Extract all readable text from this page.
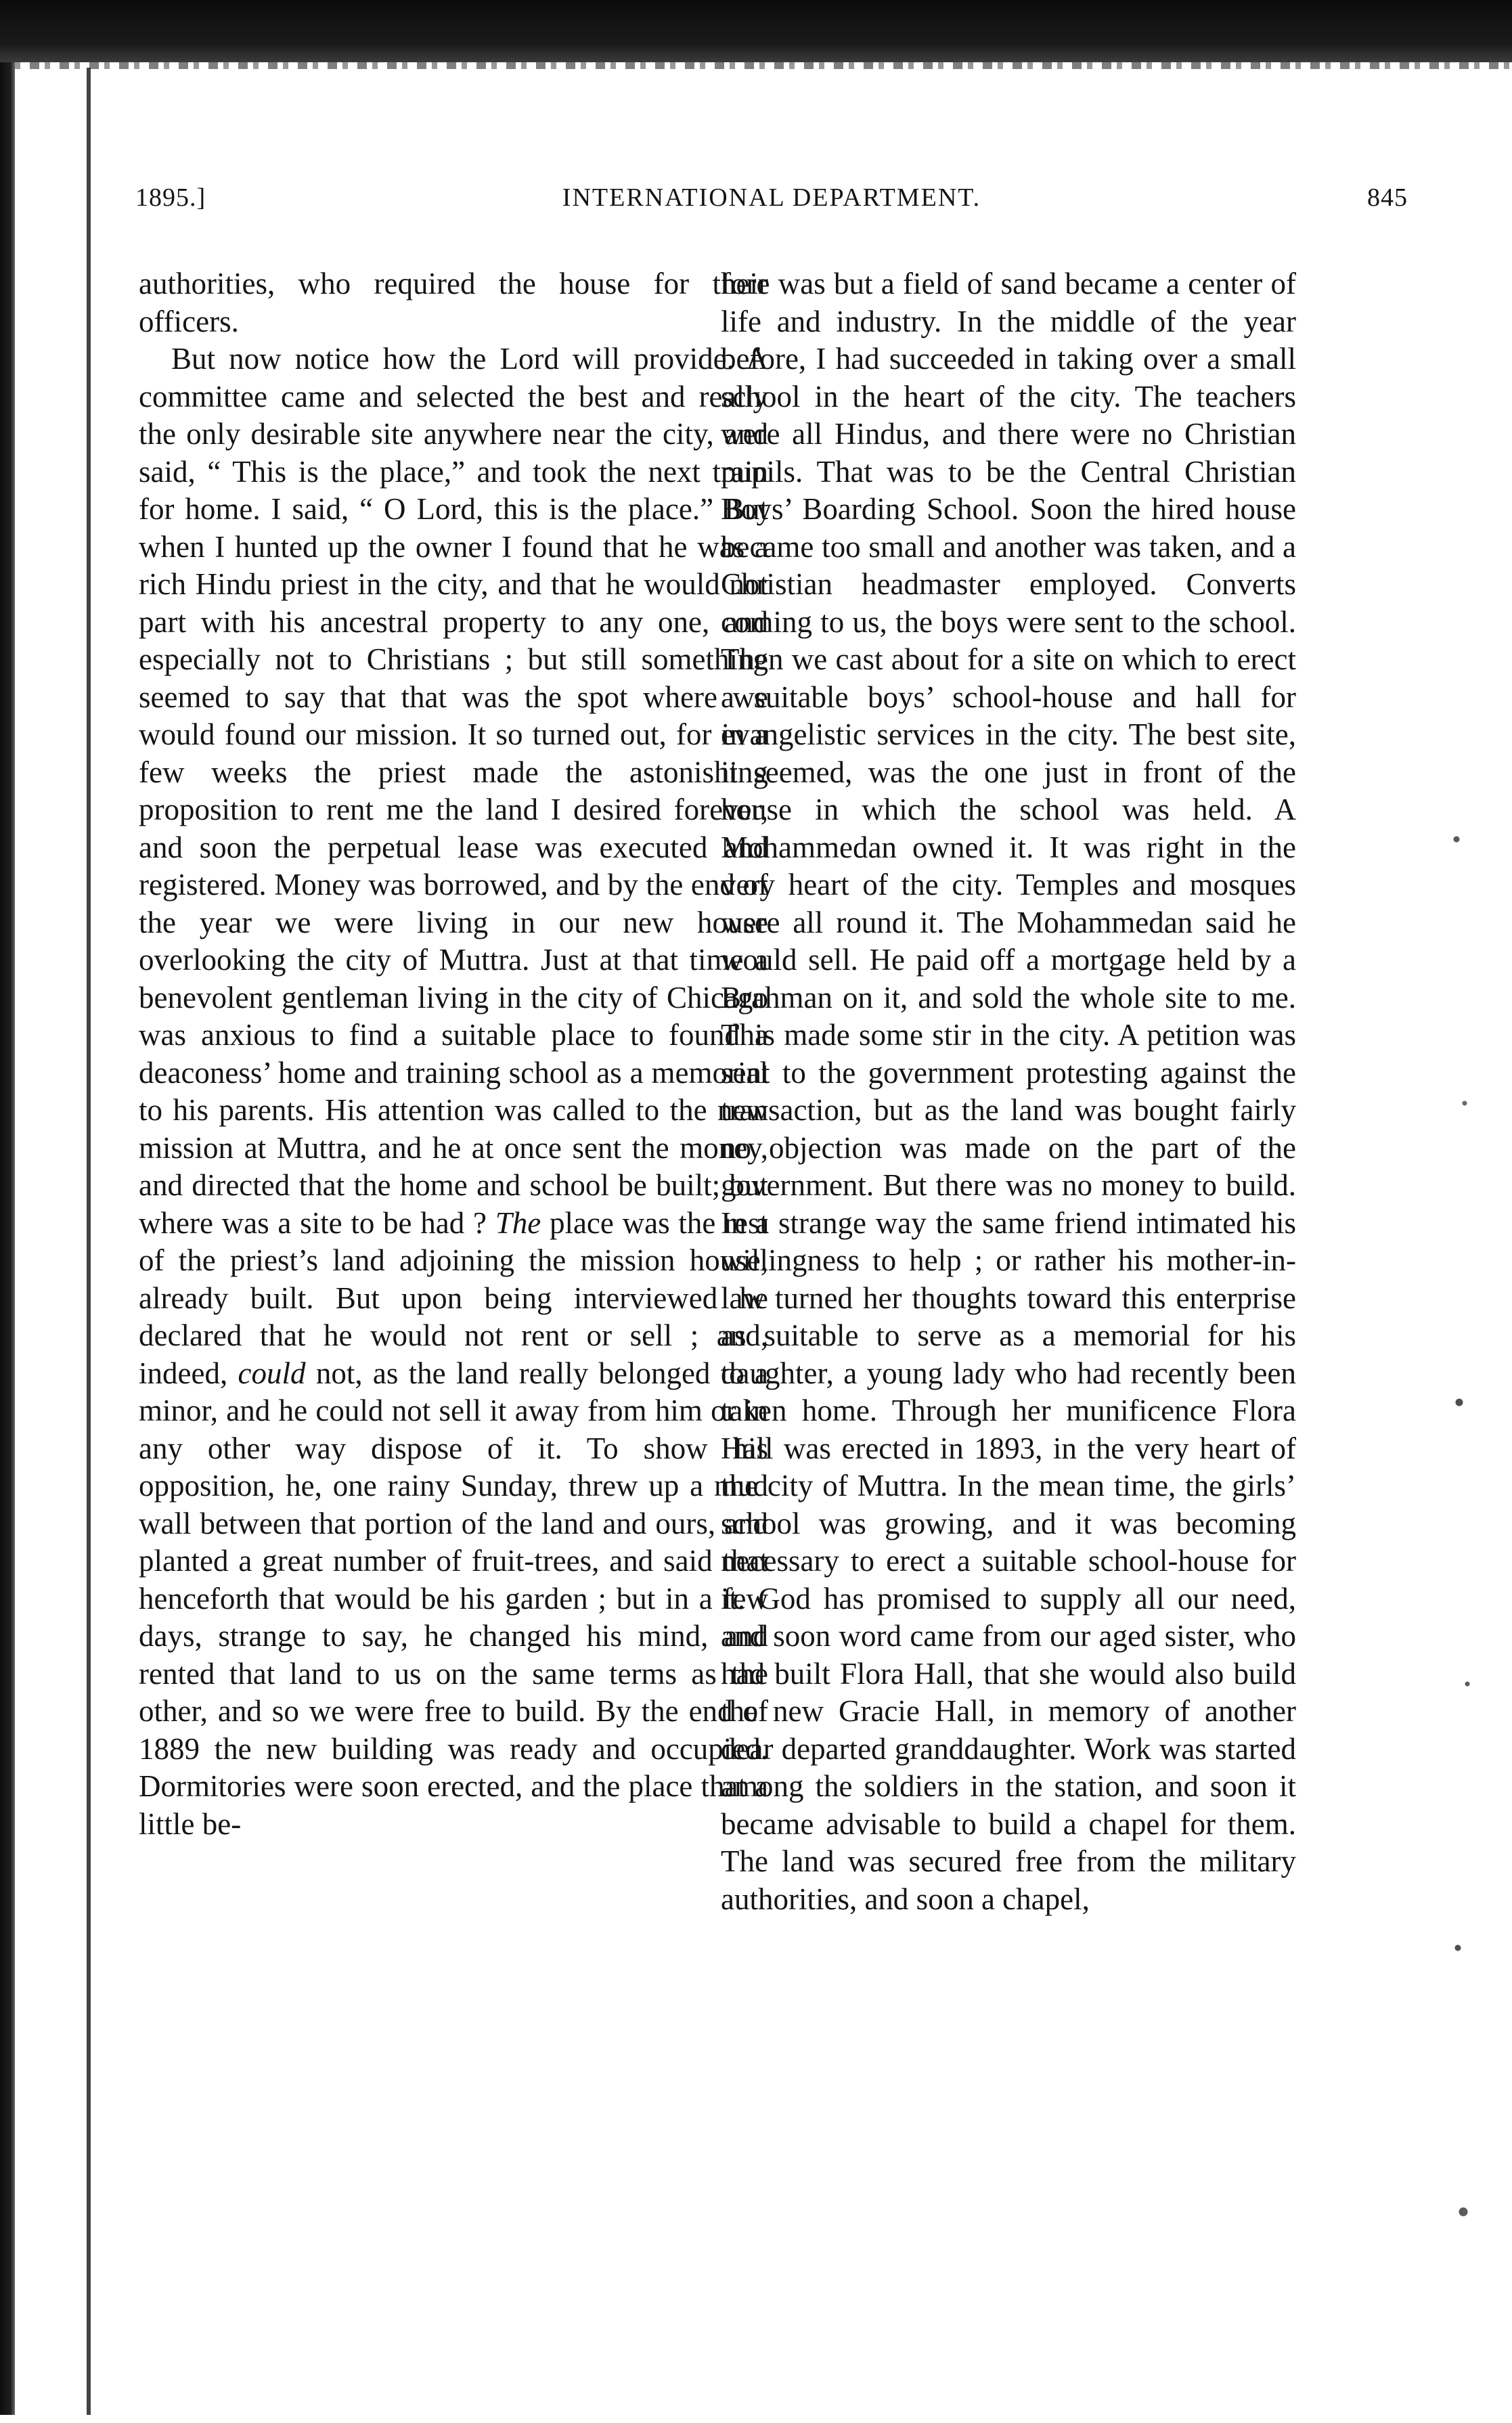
1895.]	INTERNATIONAL DEPARTMENT.	845

authorities, who required the house for their officers.

But now notice how the Lord will provide. A committee came and selected the best and really the only desirable site anywhere near the city, and said, “ This is the place,” and took the next train for home. I said, “ O Lord, this is the place.” But when I hunted up the owner I found that he was a rich Hindu priest in the city, and that he would not part with his ancestral property to any one, and especially not to Christians ; but still something seemed to say that that was the spot where we would found our mission. It so turned out, for in a few weeks the priest made the astonishing proposition to rent me the land I desired forever, and soon the perpetual lease was executed and registered. Money was borrowed, and by the end of the year we were living in our new house overlooking the city of Muttra. Just at that time a benevolent gentleman living in the city of Chicago was anxious to find a suitable place to found a deaconess’ home and training school as a memorial to his parents. His attention was called to the new mission at Muttra, and he at once sent the money, and directed that the home and school be built; but where was a site to be had ? The place was the rest of the priest’s land adjoining the mission house, already built. But upon being interviewed he declared that he would not rent or sell ; and, indeed, could not, as the land really belonged to a minor, and he could not sell it away from him or in any other way dispose of it. To show his opposition, he, one rainy Sunday, threw up a mud wall between that portion of the land and ours, and planted a great number of fruit-trees, and said that henceforth that would be his garden ; but in a few days, strange to say, he changed his mind, and rented that land to us on the same terms as the other, and so we were free to build. By the end of 1889 the new building was ready and occupied. Dormitories were soon erected, and the place that a little be-

fore was but a field of sand became a center of life and industry. In the middle of the year before, I had succeeded in taking over a small school in the heart of the city. The teachers were all Hindus, and there were no Christian pupils. That was to be the Central Christian Boys’ Boarding School. Soon the hired house became too small and another was taken, and a Christian headmaster employed. Converts coming to us, the boys were sent to the school. Then we cast about for a site on which to erect a suitable boys’ school-house and hall for evangelistic services in the city. The best site, it seemed, was the one just in front of the house in which the school was held. A Mohammedan owned it. It was right in the very heart of the city. Temples and mosques were all round it. The Mohammedan said he would sell. He paid off a mortgage held by a Brahman on it, and sold the whole site to me. This made some stir in the city. A petition was sent to the government protesting against the transaction, but as the land was bought fairly no objection was made on the part of the government. But there was no money to build. In a strange way the same friend intimated his willingness to help ; or rather his mother-in-law turned her thoughts toward this enterprise as suitable to serve as a memorial for his daughter, a young lady who had recently been taken home. Through her munificence Flora Hall was erected in 1893, in the very heart of the city of Muttra. In the mean time, the girls’ school was growing, and it was becoming necessary to erect a suitable school-house for it. God has promised to supply all our need, and soon word came from our aged sister, who had built Flora Hall, that she would also build the new Gracie Hall, in memory of another dear departed granddaughter. Work was started among the soldiers in the station, and soon it became advisable to build a chapel for them. The land was secured free from the military authorities, and soon a chapel,
